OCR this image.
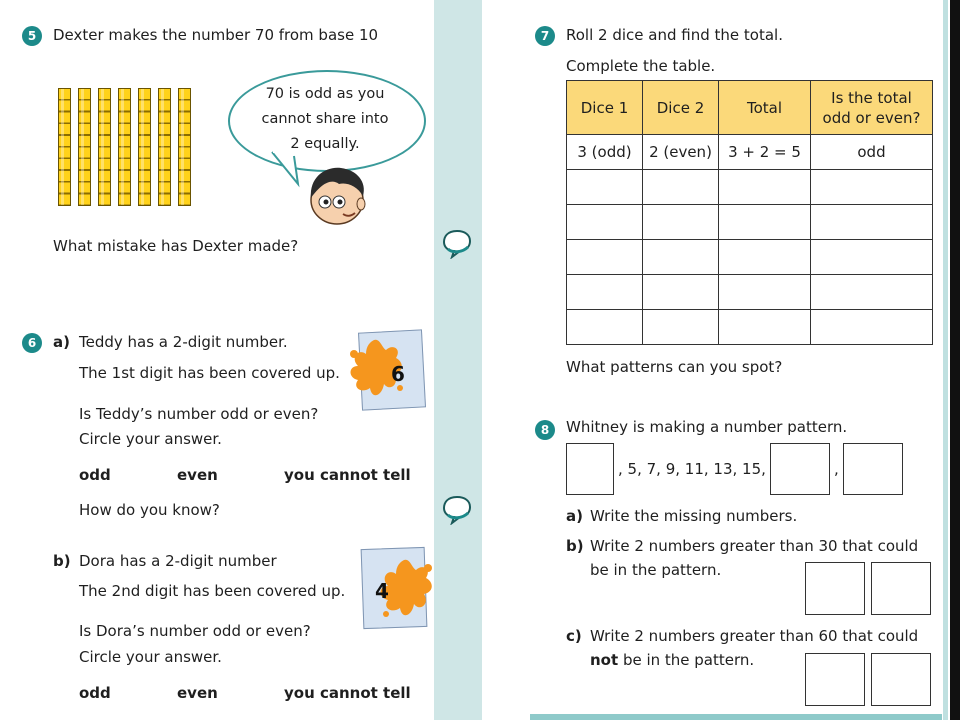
5	Dexter makes the number 70 from base 10
70 is odd as you
cannot share into
2 equally.
What mistake has Dexter made?
6	a) Teddy has a 2-digit number.
The 1st digit has been covered up.	6
Is Teddy’s number odd or even?
Circle your answer.
odd	even	you cannot tell
How do you know?
b) Dora has a 2-digit number
The 2nd digit has been covered up. 4
Is Dora’s number odd or even?
Circle your answer.
odd	even	you cannot tell
7	Roll 2 dice and find the total.
Complete the table.
Dice 1	Dice 2	Total	Is the total
odd or even?

3 (odd)	2 (even)	3 + 2 = 5	odd

What patterns can you spot?
8	Whitney is making a number pattern.
, 5, 7, 9, 11, 13, 15,	,
a) Write the missing numbers.
b) Write 2 numbers greater than 30 that could
be in the pattern.
c) Write 2 numbers greater than 60 that could
not be in the pattern.
